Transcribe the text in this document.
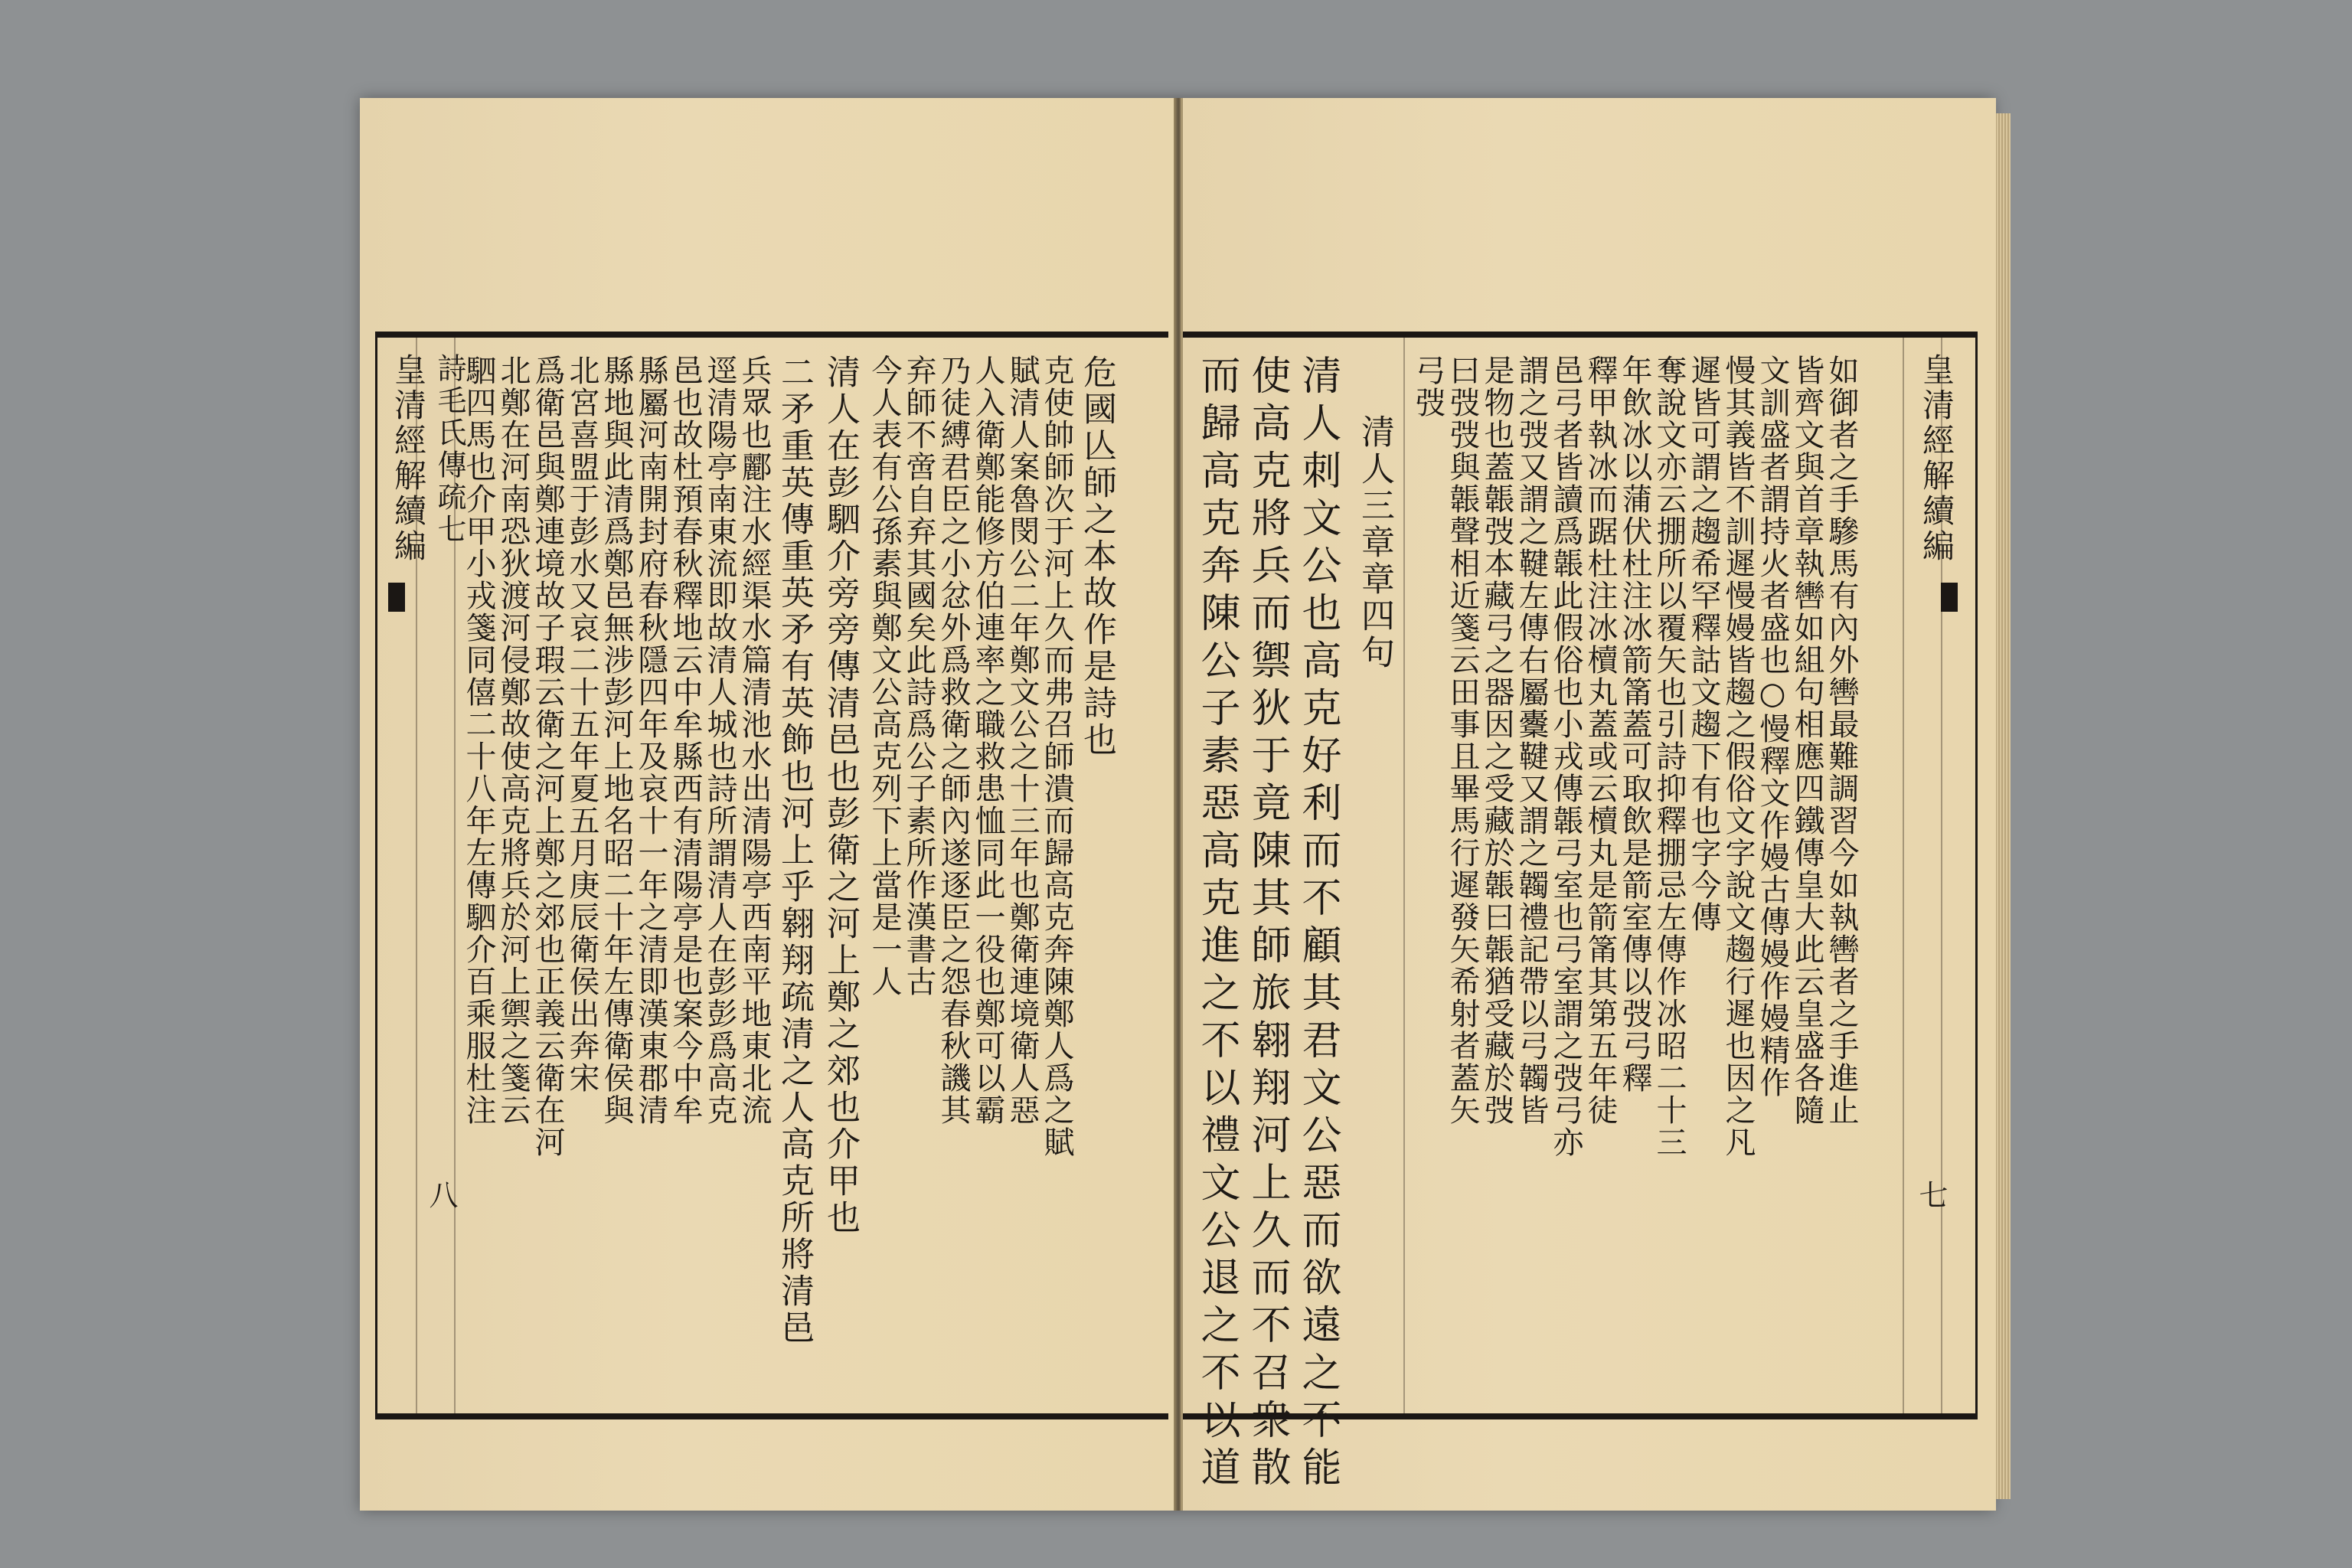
皇清經解續編 詩毛氏傳疏七
八
駟四馬也介甲小戎箋同僖二十八年左傳駟介百乘服杜注 北鄭在河南恐狄渡河侵鄭故使高克將兵於河上禦之箋云 爲衛邑與鄭連境故子瑕云衛之河上鄭之郊也正義云衛在河 北宮喜盟于彭水又哀二十五年夏五月庚辰衛侯出奔宋 縣地與此清爲鄭邑無涉彭河上地名昭二十年左傳衛侯與 縣屬河南開封府春秋隱四年及哀十一年之清即漢東郡清 邑也故杜預春秋釋地云中牟縣西有清陽亭是也案今中牟 逕清陽亭南東流即故清人城也詩所謂清人在彭彭爲高克 兵眾也酈注水經渠水篇清池水出清陽亭西南平地東北流 二矛重英傳重英矛有英飾也河上乎翱翔疏清之人高克所將清邑 清人在彭駟介旁旁傳清邑也彭衛之河上鄭之郊也介甲也 今人表有公孫素與鄭文公高克列下上當是一人 弃師不啻自弃其國矣此詩爲公子素所作漢書古 乃徒縛君臣之小忿外爲救衛之師內遂逐臣之怨春秋譏其 人入衛鄭能修方伯連率之職救患恤同此一役也鄭可以霸 賦清人案魯閔公二年鄭文公之十三年也鄭衛連境衛人惡 克使帥師次于河上久而弗召師潰而歸高克奔陳鄭人爲之賦 危國亾師之本故作是詩也 而歸高克奔陳公子素惡高克進之不以禮文公退之不以道 使高克將兵而禦狄于竟陳其師旅翱翔河上久而不召衆散 清人刺文公也高克好利而不顧其君文公惡而欲遠之不能 清人三章章四句
弓弢 曰弢弢與韔聲相近箋云田事且畢馬行遲發矢希射者蓋矢 是物也蓋韔弢本藏弓之器因之受藏於韔曰韔猶受藏於弢 謂之弢又謂之鞬左傳右屬櫜鞬又謂之韣禮記帶以弓韣皆 邑弓者皆讀爲韔此假俗也小戎傳韔弓室也弓室謂之弢弓亦 釋甲執冰而踞杜注冰櫝丸蓋或云櫝丸是箭筩其第五年徒 年飲冰以蒲伏杜注冰箭筩蓋可取飲是箭室傳以弢弓釋 奪說文亦云掤所以覆矢也引詩抑釋掤忌左傳作冰昭二十三 遲皆可謂之趨希罕釋詁文趨下有也字今傳 慢其義皆不訓遲慢嫚皆趨之假俗文字說文趨行遲也因之凡 文訓盛者謂持火者盛也○慢釋文作嫚古傳嫚作嫚精作 皆齊文與首章執轡如組句相應四鐵傳皇大此云皇盛各隨 如御者之手驂馬有內外轡最難調習今如執轡者之手進止	皇清經解續編
七
